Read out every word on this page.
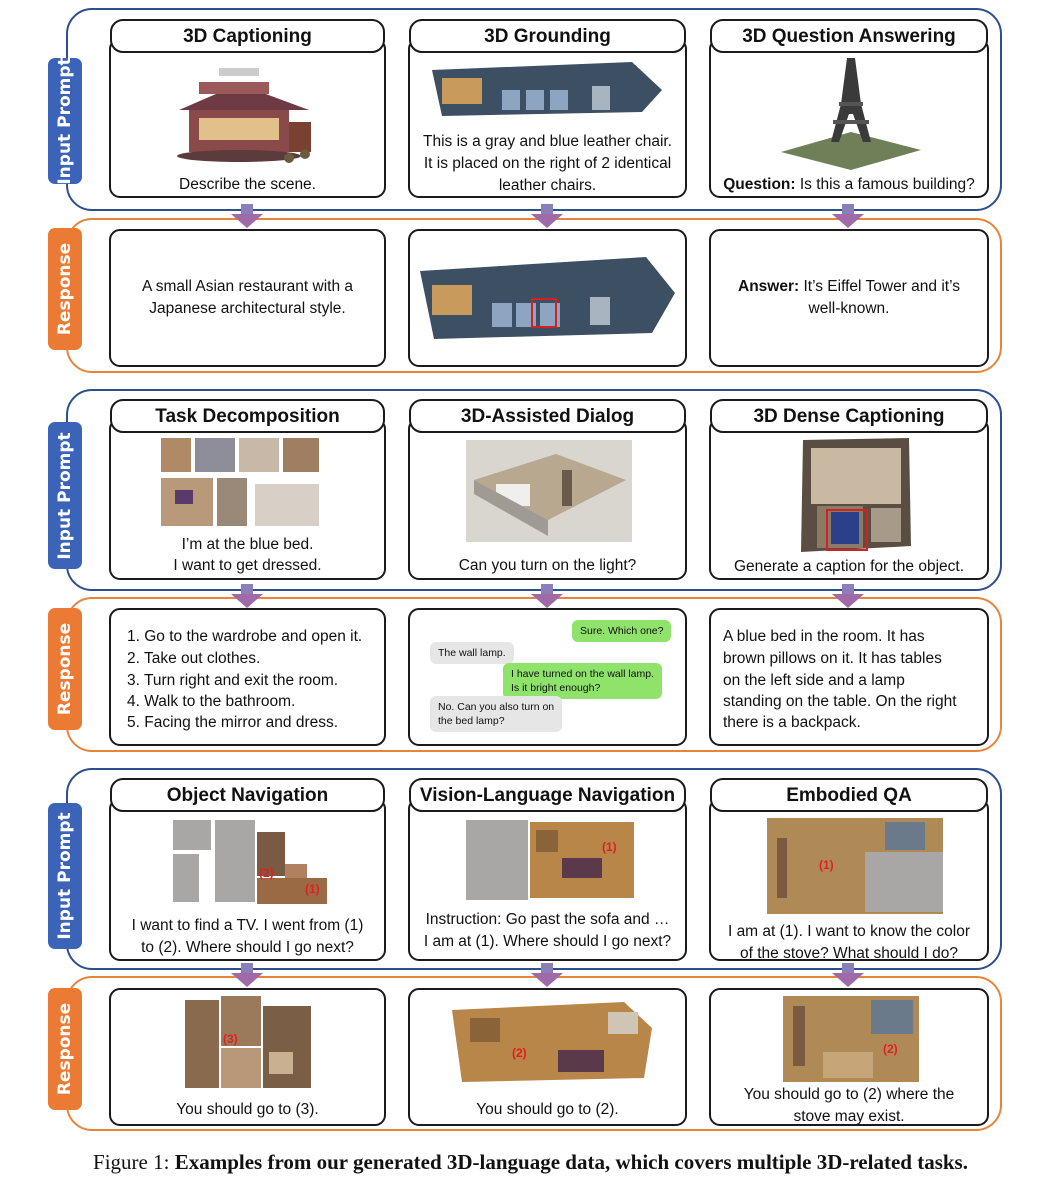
Input Prompt
Response
Describe the scene.
3D Captioning
This is a gray and blue leather chair.
It is placed on the right of 2 identical
leather chairs.
3D Grounding
Question: Is this a famous building?
3D Question Answering
A small Asian restaurant with a Japanese architectural style.
Answer: It’s Eiffel Tower and it’s well-known.
Input Prompt
Response
I’m at the blue bed.
I want to get dressed.
Task Decomposition
Can you turn on the light?
3D-Assisted Dialog
Generate a caption for the object.
3D Dense Captioning
1. Go to the wardrobe and open it.
2. Take out clothes.
3. Turn right and exit the room.
4. Walk to the bathroom.
5. Facing the mirror and dress.
Sure. Which one?
The wall lamp.
I have turned on the wall lamp.
Is it bright enough?
No. Can you also turn on
the bed lamp?
A blue bed in the room. It has
brown pillows on it. It has tables
on the left side and a lamp
standing on the table. On the right
there is a backpack.
Input Prompt
Response
(2)
(1)
I want to find a TV. I went from (1)
to (2). Where should I go next?
Object Navigation
(1)
Instruction: Go past the sofa and …
I am at (1). Where should I go next?
Vision-Language Navigation
(1)
I am at (1). I want to know the color
of the stove? What should I do?
Embodied QA
(3)
You should go to (3).
(2)
You should go to (2).
(2)
You should go to (2) where the
stove may exist.
Figure 1: Examples from our generated 3D-language data, which covers multiple 3D-related tasks.
